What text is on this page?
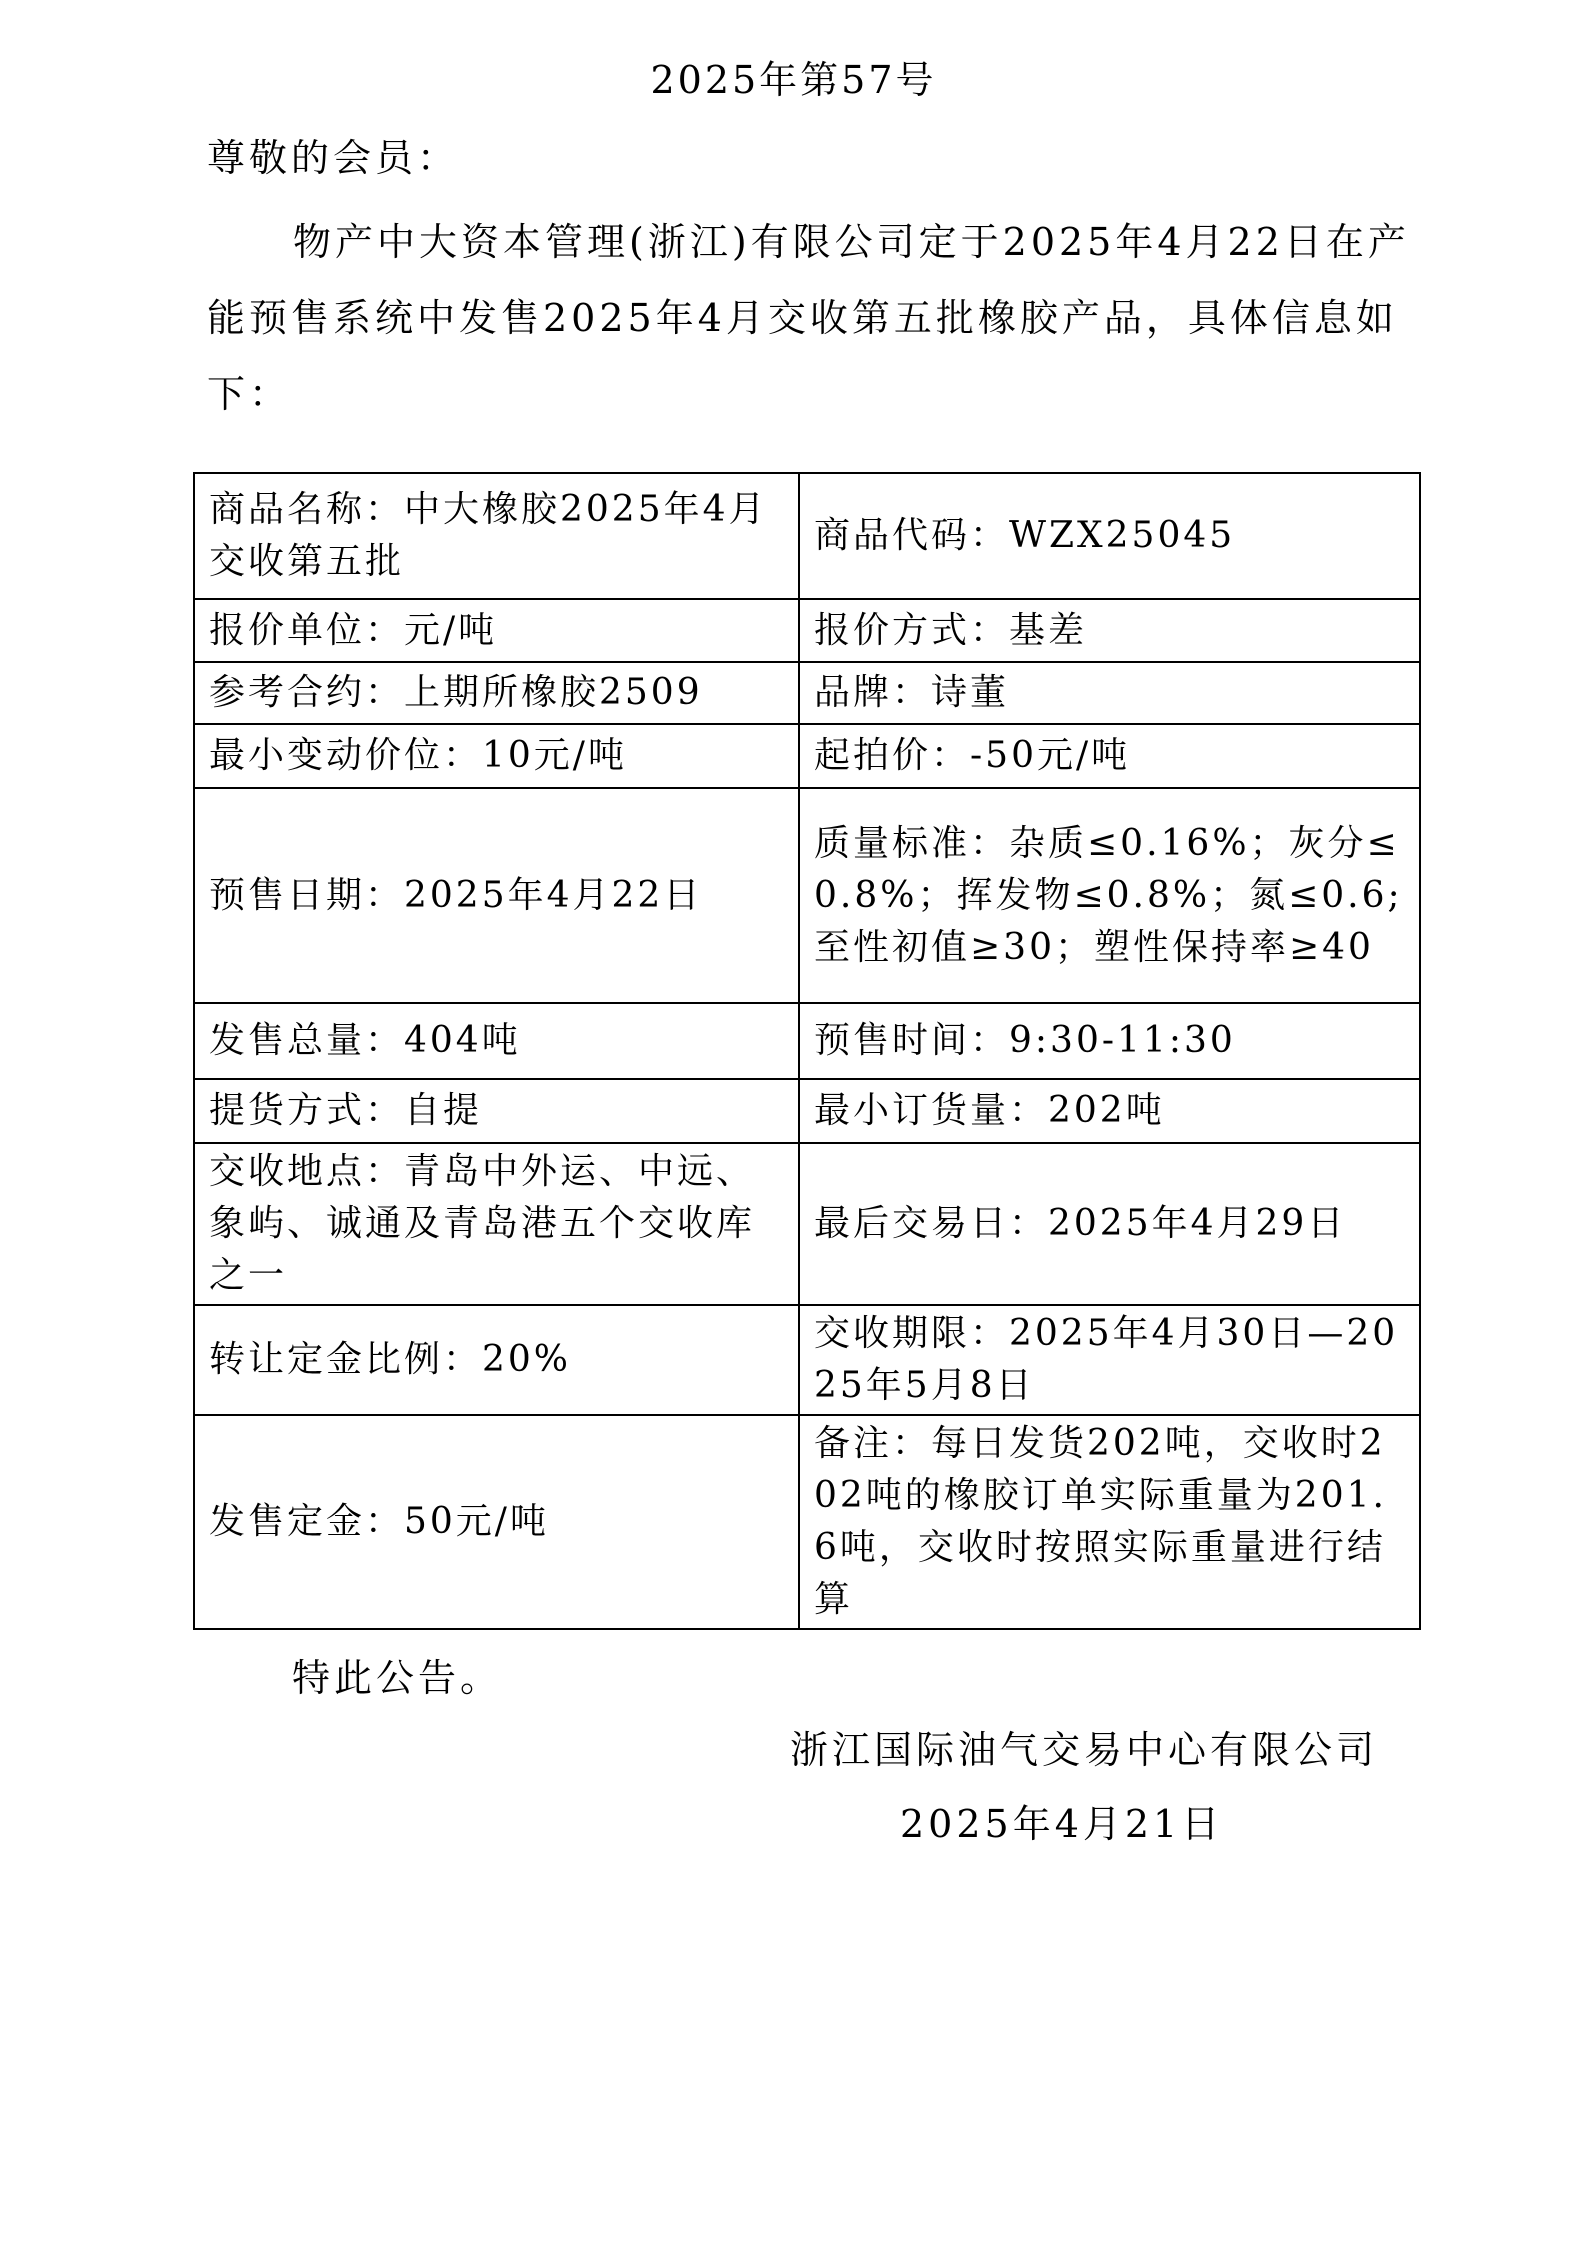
2025年第57号
尊敬的会员：

物产中大资本管理(浙江)有限公司定于2025年4月22日在产能预售系统中发售2025年4月交收第五批橡胶产品，具体信息如下：

商品名称：中大橡胶2025年4月交收第五批	商品代码：WZX25045
报价单位：元/吨	报价方式：基差
参考合约：上期所橡胶2509	品牌：诗董
最小变动价位：10元/吨	起拍价：-50元/吨
预售日期：2025年4月22日	质量标准：杂质≤0.16%；灰分≤0.8%；挥发物≤0.8%；氮≤0.6;至性初值≥30；塑性保持率≥40
发售总量：404吨	预售时间：9:30-11:30
提货方式：自提	最小订货量：202吨
交收地点：青岛中外运、中远、象屿、诚通及青岛港五个交收库之一	最后交易日：2025年4月29日
转让定金比例：20%	交收期限：2025年4月30日—2025年5月8日
发售定金：50元/吨	备注：每日发货202吨，交收时202吨的橡胶订单实际重量为201.6吨，交收时按照实际重量进行结算
特此公告。
浙江国际油气交易中心有限公司
2025年4月21日
